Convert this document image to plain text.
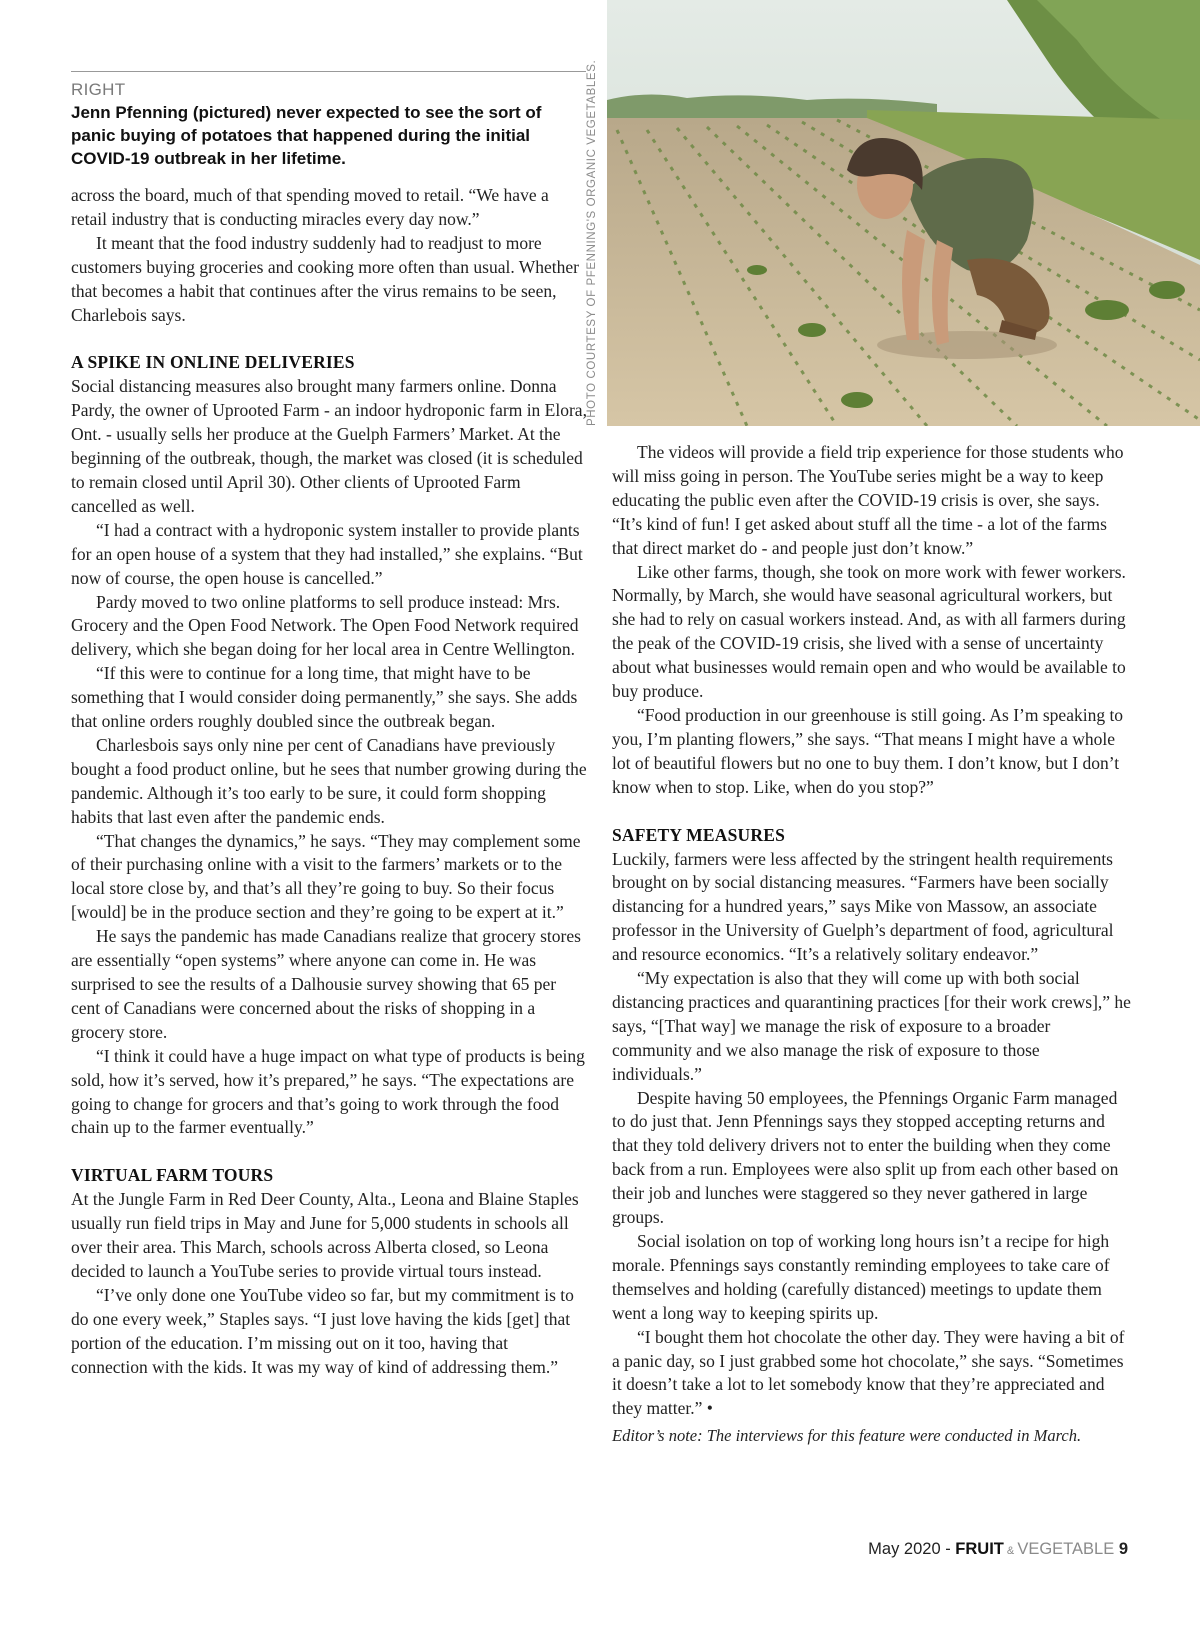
RIGHT
Jenn Pfenning (pictured) never expected to see the sort of panic buying of potatoes that happened during the initial COVID-19 outbreak in her lifetime.	PHOTO COURTESY OF PFENNING'S ORGANIC VEGETABLES.

across the board, much of that spending moved to retail. “We have a retail industry that is conducting miracles every day now.”

It meant that the food industry suddenly had to readjust to more customers buying groceries and cooking more often than usual. Whether that becomes a habit that continues after the virus remains to be seen, Charlebois says.

A SPIKE IN ONLINE DELIVERIES

Social distancing measures also brought many farmers online. Donna Pardy, the owner of Uprooted Farm - an indoor hydroponic farm in Elora, Ont. - usually sells her produce at the Guelph Farmers’ Market. At the beginning of the outbreak, though, the market was closed (it is scheduled to remain closed until April 30). Other clients of Uprooted Farm cancelled as well.

“I had a contract with a hydroponic system installer to provide plants for an open house of a system that they had installed,” she explains. “But now of course, the open house is cancelled.”

Pardy moved to two online platforms to sell produce instead: Mrs. Grocery and the Open Food Network. The Open Food Network required delivery, which she began doing for her local area in Centre Wellington.

“If this were to continue for a long time, that might have to be something that I would consider doing permanently,” she says. She adds that online orders roughly doubled since the outbreak began.

Charlesbois says only nine per cent of Canadians have previously bought a food product online, but he sees that number growing during the pandemic. Although it’s too early to be sure, it could form shopping habits that last even after the pandemic ends.

“That changes the dynamics,” he says. “They may complement some of their purchasing online with a visit to the farmers’ markets or to the local store close by, and that’s all they’re going to buy. So their focus [would] be in the produce section and they’re going to be expert at it.”

He says the pandemic has made Canadians realize that grocery stores are essentially “open systems” where anyone can come in. He was surprised to see the results of a Dalhousie survey showing that 65 per cent of Canadians were concerned about the risks of shopping in a grocery store.

“I think it could have a huge impact on what type of products is being sold, how it’s served, how it’s prepared,” he says. “The expectations are going to change for grocers and that’s going to work through the food chain up to the farmer eventually.”

VIRTUAL FARM TOURS

At the Jungle Farm in Red Deer County, Alta., Leona and Blaine Staples usually run field trips in May and June for 5,000 students in schools all over their area. This March, schools across Alberta closed, so Leona decided to launch a YouTube series to provide virtual tours instead.

“I’ve only done one YouTube video so far, but my commitment is to do one every week,” Staples says. “I just love having the kids [get] that portion of the education. I’m missing out on it too, having that connection with the kids. It was my way of kind of addressing them.”

The videos will provide a field trip experience for those students who will miss going in person. The YouTube series might be a way to keep educating the public even after the COVID-19 crisis is over, she says. “It’s kind of fun! I get asked about stuff all the time - a lot of the farms that direct market do - and people just don’t know.”

Like other farms, though, she took on more work with fewer workers. Normally, by March, she would have seasonal agricultural workers, but she had to rely on casual workers instead. And, as with all farmers during the peak of the COVID-19 crisis, she lived with a sense of uncertainty about what businesses would remain open and who would be available to buy produce.

“Food production in our greenhouse is still going. As I’m speaking to you, I’m planting flowers,” she says. “That means I might have a whole lot of beautiful flowers but no one to buy them. I don’t know, but I don’t know when to stop. Like, when do you stop?”

SAFETY MEASURES

Luckily, farmers were less affected by the stringent health requirements brought on by social distancing measures. “Farmers have been socially distancing for a hundred years,” says Mike von Massow, an associate professor in the University of Guelph’s department of food, agricultural and resource economics. “It’s a relatively solitary endeavor.”

“My expectation is also that they will come up with both social distancing practices and quarantining practices [for their work crews],” he says, “[That way] we manage the risk of exposure to a broader community and we also manage the risk of exposure to those individuals.”

Despite having 50 employees, the Pfennings Organic Farm managed to do just that. Jenn Pfennings says they stopped accepting returns and that they told delivery drivers not to enter the building when they come back from a run. Employees were also split up from each other based on their job and lunches were staggered so they never gathered in large groups.

Social isolation on top of working long hours isn’t a recipe for high morale. Pfennings says constantly reminding employees to take care of themselves and holding (carefully distanced) meetings to update them went a long way to keeping spirits up.

“I bought them hot chocolate the other day. They were having a bit of a panic day, so I just grabbed some hot chocolate,” she says. “Sometimes it doesn’t take a lot to let somebody know that they’re appreciated and they matter.” •

Editor’s note: The interviews for this feature were conducted in March.

May 2020 - FRUIT & VEGETABLE 9
